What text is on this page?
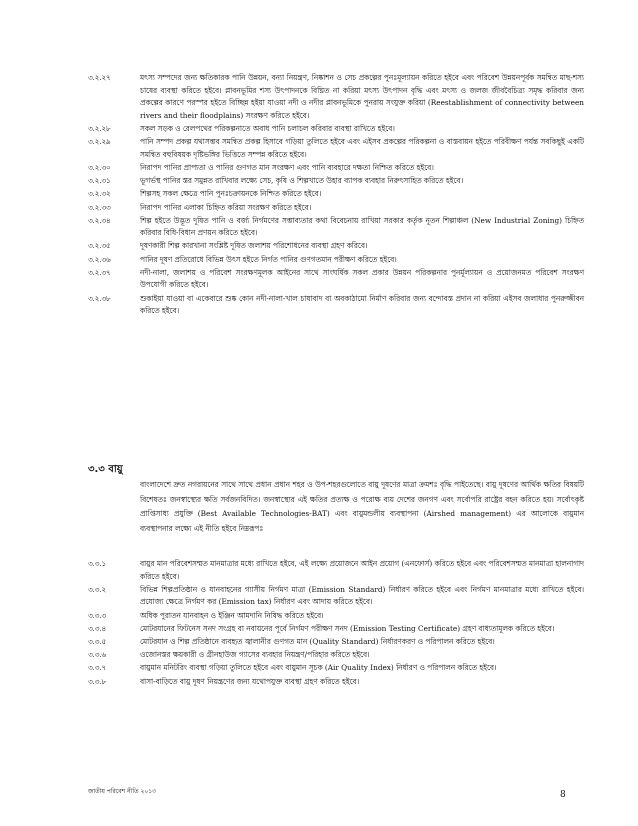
৩.২.২৭	মৎস্য সম্পদের জন্য ক্ষতিকারক পানি উন্নয়ন, বন্যা নিয়ন্ত্রণ, নিষ্কাশন ও সেচ প্রকল্পের পুনঃমূল্যায়ন করিতে হইবে এবং পরিবেশ উন্নয়নপূর্বক সমন্বিত মাছ-শস্য চাষের ব্যবস্থা করিতে হইবে। প্লাবনভূমির শস্য উৎপাদনকে বিঘ্নিত না করিয়া মৎস্য উৎপাদন বৃদ্ধি এবং মৎস্য ও জলজ জীববৈচিত্র্য সমৃদ্ধ করিবার জন্য প্রকল্পের কারণে পরস্পর হইতে বিচ্ছিন্ন হইয়া যাওয়া নদী ও নদীর প্লাবনভূমিকে পুনরায় সংযুক্ত করিয়া (Reestablishment of connectivity between rivers and their floodplains) সংরক্ষণ করিতে হইবে।
৩.২.২৮	সকল সড়ক ও রেলপথের পরিকল্পনাতে অবাধ পানি চলাচল করিবার ব্যবস্থা রাখিতে হইবে।
৩.২.২৯	পানি সম্পদ প্রকল্প যথাসম্ভব সমন্বিত প্রকল্প হিসাবে গড়িয়া তুলিতে হইবে এবং এইসব প্রকল্পের পরিকল্পনা ও বাস্তবায়ন হইতে পরিবীক্ষণ পর্যন্ত সবকিছুই একটি সমন্বিত বহুবিষয়ক দৃষ্টিভঙ্গির ভিত্তিতে সম্পন্ন করিতে হইবে।
৩.২.৩০	নিরাপদ পানির প্রাপ্যতা ও পানির গুণগত মান সংরক্ষণ এবং পানি ব্যবহারে দক্ষতা নিশ্চিত করিতে হইবে।
৩.২.৩১	ভূগর্ভস্থ পানির স্তর সমুন্নত রাখিবার লক্ষ্যে সেচ, কৃষি ও শিল্পখাতে উহার ব্যাপক ব্যবহার নিরুৎসাহিত করিতে হইবে।
৩.২.৩২	শিল্পসহ সকল ক্ষেত্রে পানি পুনঃচক্রায়নকে নিশ্চিত করিতে হইবে।
৩.২.৩৩	নিরাপদ পানির এলাকা চিহ্নিত করিয়া সংরক্ষণ করিতে হইবে।
৩.২.৩৪	শিল্প হইতে উদ্ভূত দূষিত পানি ও বর্জ্য নির্গমণের সম্ভাব্যতার কথা বিবেচনায় রাখিয়া সরকার কর্তৃক নূতন শিল্পাঞ্চল (New Industrial Zoning) চিহ্নিত করিবার বিধি-বিধান প্রণয়ন করিতে হইবে।
৩.২.৩৫	দূষণকারী শিল্প কারখানা সংশ্লিষ্ট দূষিত জলাশয় পরিশোধনের ব্যবস্থা গ্রহণ করিবে।
৩.২.৩৬	পানির দূষণ প্রতিরোধে বিভিন্ন উৎস হইতে নির্গত পানির গুণগতমান পরীক্ষণ করিতে হইবে।
৩.২.৩৭	নদী-নালা, জলাশয় ও পরিবেশ সংরক্ষণমূলক আইনের সাথে সাংঘর্ষিক সকল প্রকার উন্নয়ন পরিকল্পনার পুনর্মূল্যায়ন ও প্রয়োজনমত পরিবেশ সংরক্ষণ উপযোগী করিতে হইবে।
৩.২.৩৮	শুকাইয়া যাওয়া বা একেবারে শুষ্ক কোন নদী-নালা-খাল চাষাবাদ বা অবকাঠামো নির্মাণ করিবার জন্য বন্দোবস্ত প্রদান না করিয়া এইসব জলাধার পুনরুজ্জীবন করিতে হইবে।
৩.৩ বায়ু
বাংলাদেশে দ্রুত নগরায়নের সাথে সাথে প্রধান প্রধান শহর ও উপ-শহরগুলোতে বায়ু দূষণের মাত্রা ক্রমশঃ বৃদ্ধি পাইতেছে। বায়ু দূষণের আর্থিক ক্ষতির বিষয়টি বিশেষতঃ জনস্বাস্থ্যের ক্ষতি সর্বজনবিদিত। জনস্বাস্থ্যের এই ক্ষতির প্রত্যক্ষ ও পরোক্ষ ব্যয় দেশের জনগণ এবং সর্বোপরি রাষ্ট্রের বহন করিতে হয়। সর্বোৎকৃষ্ট প্রাপ্তিসাধ্য প্রযুক্তি (Best Available Technologies-BAT) এবং বায়ুমন্ডলীয় ব্যবস্থাপনা (Airshed management) এর আলোকে বায়ুমান ব্যবস্থাপনার লক্ষ্যে এই নীতি হইবে নিম্নরূপঃ
৩.৩.১	বায়ুর মান পরিবেশসম্মত মানমাত্রার মধ্যে রাখিতে হইবে, এই লক্ষ্যে প্রয়োজনে আইন প্রয়োগ (এনফোর্স) করিতে হইবে এবং পরিবেশসম্মত মানমাত্রা হালনাগাদ করিতে হইবে।
৩.৩.২	বিভিন্ন শিল্পপ্রতিষ্ঠান ও যানবাহনের গ্যাসীয় নির্গমণ মাত্রা (Emission Standard) নির্ধারণ করিতে হইবে এবং নির্গমণ মানমাত্রার মধ্যে রাখিতে হইবে। প্রযোজ্য ক্ষেত্রে নির্গমণ কর (Emission tax) নির্ধারণ এবং আদায় করিতে হইবে।
৩.৩.৩	অধিক পুরাতন যানবাহন ও ইঞ্জিন আমদানি নিষিদ্ধ করিতে হইবে।
৩.৩.৪	মোটরযানের ফিটনেস সনদ সংগ্রহ বা নবায়নের পূর্বে নির্গমণ পরীক্ষণ সনদ (Emission Testing Certificate) গ্রহণ বাধ্যতামূলক করিতে হইবে।
৩.৩.৫	মোটরযান ও শিল্প প্রতিষ্ঠানে ব্যবহৃত জ্বালানীর গুণগত মান (Quality Standard) নির্ধারণকরণ ও পরিপালন করিতে হইবে।
৩.৩.৬	ওজোনস্তর ক্ষয়কারী ও গ্রীনহাউজ গ্যাসের ব্যবহার নিয়ন্ত্রণ/পরিহার করিতে হইবে।
৩.৩.৭	বায়ুমান মনিটরিং ব্যবস্থা গড়িয়া তুলিতে হইবে এবং বায়ুমান সূচক (Air Quality Index) নির্ধারণ ও পরিপালন করিতে হইবে।
৩.৩.৮	বাসা-বাড়িতে বায়ু দূষণ নিয়ন্ত্রণের জন্য যথোপযুক্ত ব্যবস্থা গ্রহণ করিতে হইবে।
জাতীয় পরিবেশ নীতি ২০১৩	8
